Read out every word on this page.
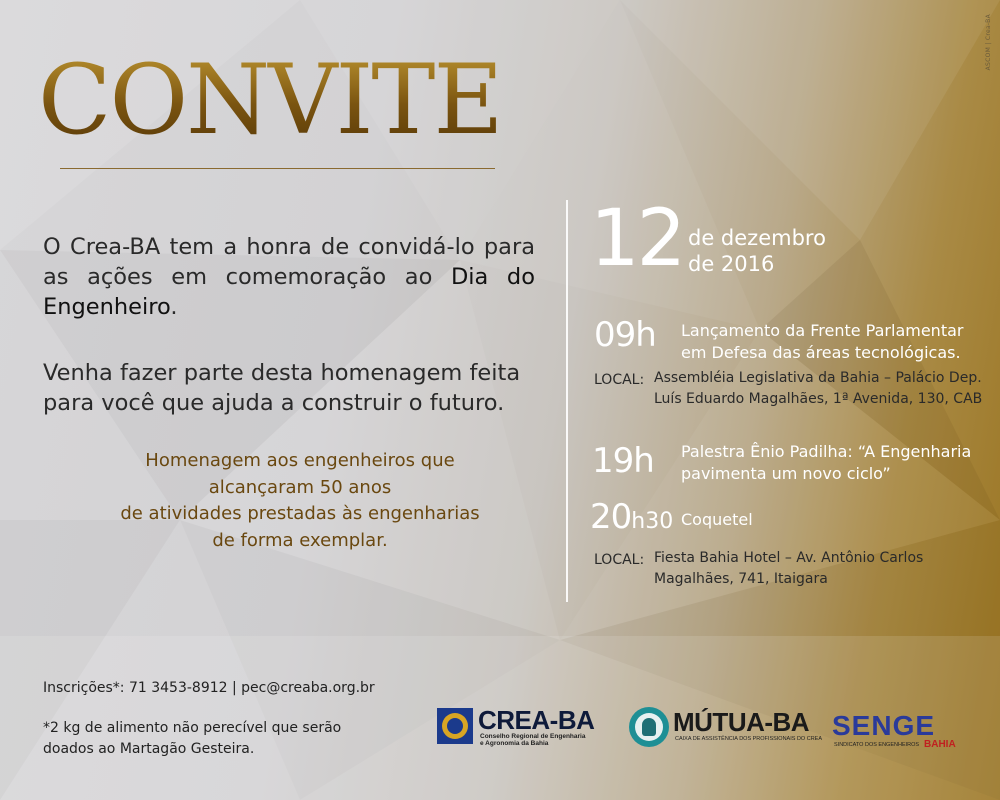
ASCOM | Crea-BA
CONVITE
O Crea-BA tem a honra de convidá-lo para as ações em comemoração ao Dia do Engenheiro.
Venha fazer parte desta homenagem feita para você que ajuda a construir o futuro.
Homenagem aos engenheiros que
alcançaram 50 anos
de atividades prestadas às engenharias
de forma exemplar.
12 de dezembro
de 2016
09h Lançamento da Frente Parlamentar
em Defesa das áreas tecnológicas.
LOCAL: Assembléia Legislativa da Bahia – Palácio Dep.
Luís Eduardo Magalhães, 1ª Avenida, 130, CAB
19h Palestra Ênio Padilha: “A Engenharia
pavimenta um novo ciclo”
20h30 Coquetel
LOCAL: Fiesta Bahia Hotel – Av. Antônio Carlos
Magalhães, 741, Itaigara
Inscrições*: 71 3453-8912 | pec@creaba.org.br
*2 kg de alimento não perecível que serão
doados ao Martagão Gesteira.
CREA-BA
Conselho Regional de Engenharia
e Agronomia da Bahia
MÚTUA-BA
CAIXA DE ASSISTÊNCIA DOS PROFISSIONAIS DO CREA SENGE
SINDICATO DOS ENGENHEIROS BAHIA
